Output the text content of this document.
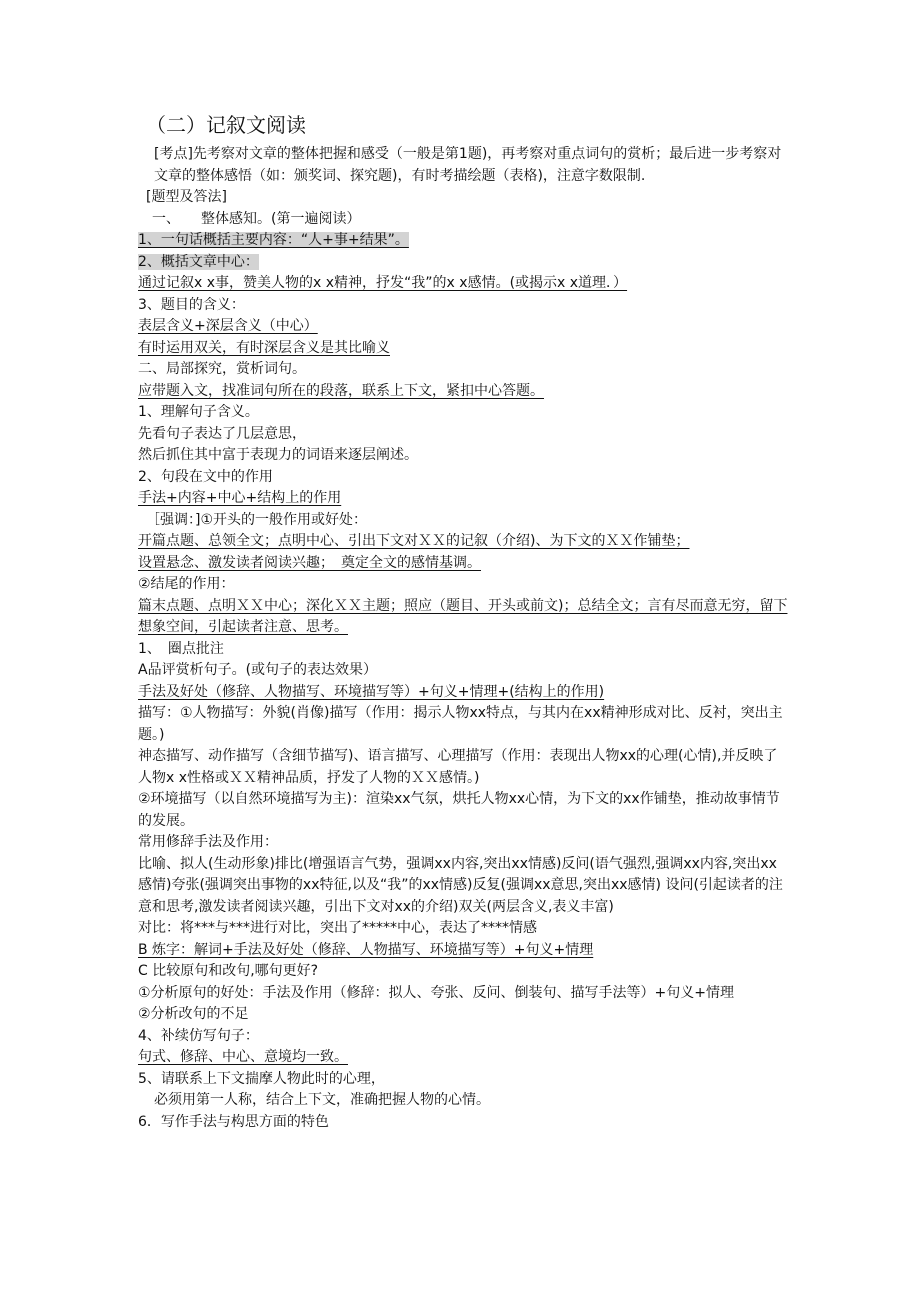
（二）记叙文阅读
[考点]先考察对文章的整体把握和感受（一般是第1题)，再考察对重点词句的赏析；最后进一步考察对文章的整体感悟（如：颁奖词、探究题)，有时考描绘题（表格)，注意字数限制.
[题型及答法]
一、　　整体感知。(第一遍阅读）
1、一句话概括主要内容：“人+事+结果”。
2、概括文章中心：
通过记叙x x事，赞美人物的x x精神，抒发“我”的x x感情。(或揭示x x道理．）
3、题目的含义：
表层含义+深层含义（中心）
有时运用双关，有时深层含义是其比喻义
二、局部探究，赏析词句。
应带题入文，找准词句所在的段落，联系上下文，紧扣中心答题。
1、理解句子含义。
先看句子表达了几层意思，
然后抓住其中富于表现力的词语来逐层阐述。
2、句段在文中的作用
手法+内容+中心+结构上的作用
［强调：]①开头的一般作用或好处：
开篇点题、总领全文；点明中心、引出下文对ＸＸ的记叙（介绍)、为下文的ＸＸ作铺垫；
设置悬念、激发读者阅读兴趣；　奠定全文的感情基调。
②结尾的作用：
篇末点题、点明ＸＸ中心；深化ＸＸ主题；照应（题目、开头或前文)；总结全文；言有尽而意无穷，留下想象空间，引起读者注意、思考。
1、　圈点批注
A品评赏析句子。(或句子的表达效果）
手法及好处（修辞、人物描写、环境描写等）+句义+情理+(结构上的作用)
描写：①人物描写：外貌(肖像)描写（作用：揭示人物xx特点，与其内在xx精神形成对比、反衬，突出主题。)
神态描写、动作描写（含细节描写)、语言描写、心理描写（作用：表现出人物xx的心理(心情),并反映了人物x x性格或ＸＸ精神品质，抒发了人物的ＸＸ感情。)
②环境描写（以自然环境描写为主)：渲染xx气氛，烘托人物xx心情，为下文的xx作铺垫，推动故事情节的发展。
常用修辞手法及作用：
比喻、拟人(生动形象)排比(增强语言气势，强调xx内容,突出xx情感)反问(语气强烈,强调xx内容,突出xx感情)夸张(强调突出事物的xx特征,以及“我”的xx情感)反复(强调xx意思,突出xx感情) 设问(引起读者的注意和思考,激发读者阅读兴趣，引出下文对xx的介绍)双关(两层含义,表义丰富)
对比：将***与***进行对比，突出了*****中心，表达了****情感
B 炼字：解词+手法及好处（修辞、人物描写、环境描写等）+句义+情理
C 比较原句和改句,哪句更好?
①分析原句的好处：手法及作用（修辞：拟人、夸张、反问、倒装句、描写手法等）+句义+情理
②分析改句的不足
4、补续仿写句子：
句式、修辞、中心、意境均一致。
5、请联系上下文揣摩人物此时的心理，
必须用第一人称，结合上下文，准确把握人物的心情。
6．写作手法与构思方面的特色
